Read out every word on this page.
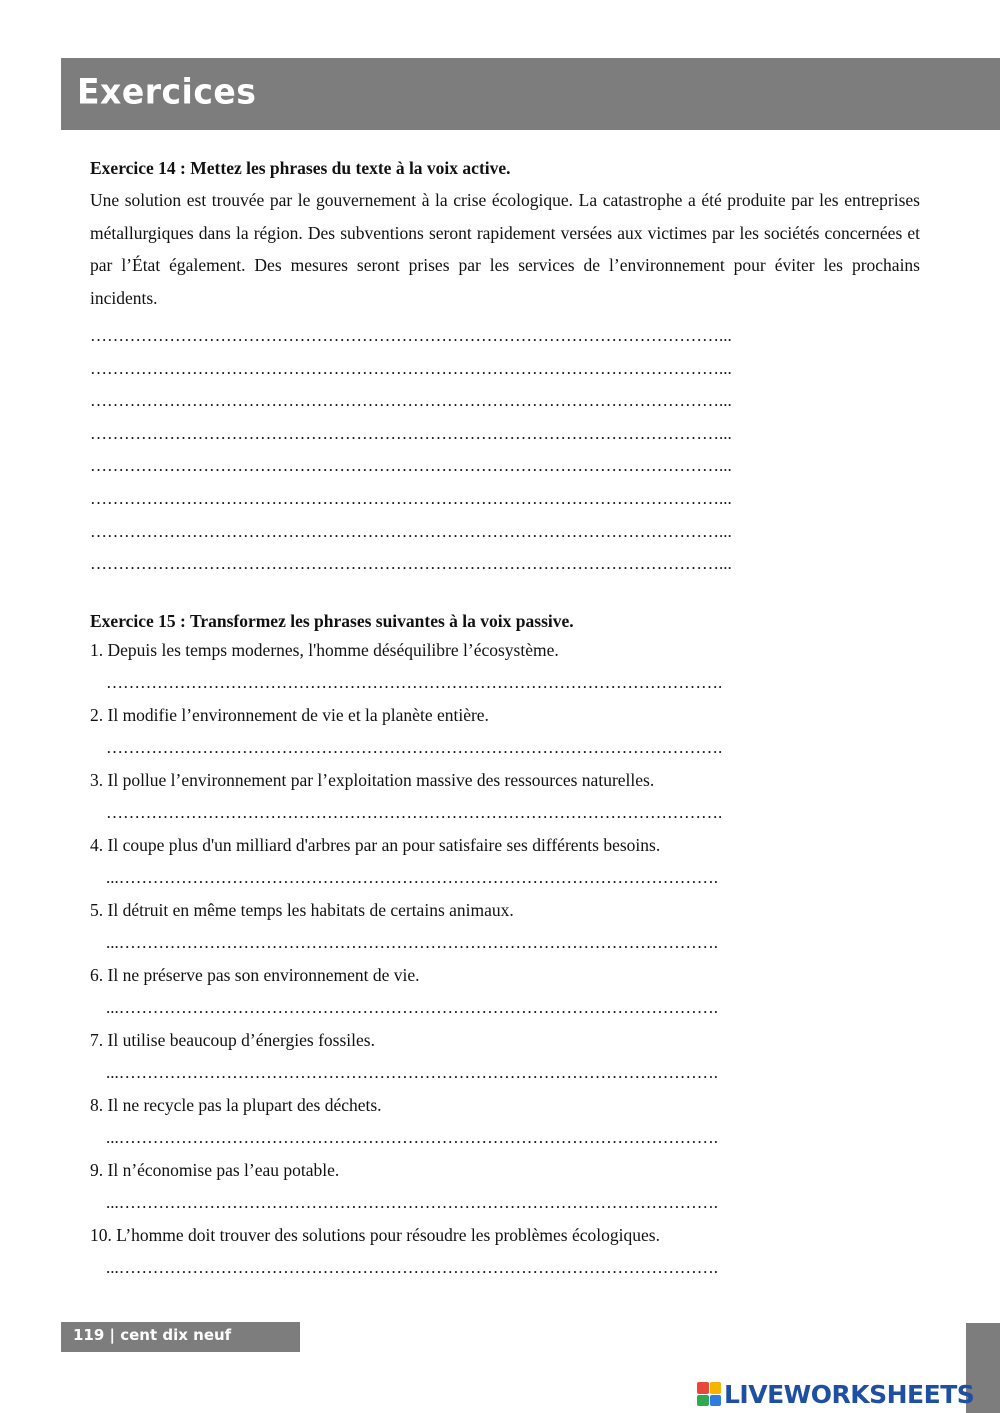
Exercices
Exercice 14 : Mettez les phrases du texte à la voix active.
Une solution est trouvée par le gouvernement à la crise écologique. La catastrophe a été produite par les entreprises métallurgiques dans la région. Des subventions seront rapidement versées aux victimes par les sociétés concernées et par l’État également. Des mesures seront prises par les services de l’environnement pour éviter les prochains incidents.
…………………………………………………………………………………………………...
…………………………………………………………………………………………………...
…………………………………………………………………………………………………...
…………………………………………………………………………………………………...
…………………………………………………………………………………………………...
…………………………………………………………………………………………………...
…………………………………………………………………………………………………...
…………………………………………………………………………………………………...
Exercice 15 : Transformez les phrases suivantes à la voix passive.
1. Depuis les temps modernes, l'homme déséquilibre l’écosystème.
……………………………………………………………………………………………….
2. Il modifie l’environnement de vie et la planète entière.
……………………………………………………………………………………………….
3. Il pollue l’environnement par l’exploitation massive des ressources naturelles.
……………………………………………………………………………………………….
4. Il coupe plus d'un milliard d'arbres par an pour satisfaire ses différents besoins.
...…………………………………………………………………………………………….
5. Il détruit en même temps les habitats de certains animaux.
...…………………………………………………………………………………………….
6. Il ne préserve pas son environnement de vie.
...…………………………………………………………………………………………….
7. Il utilise beaucoup d’énergies fossiles.
...…………………………………………………………………………………………….
8. Il ne recycle pas la plupart des déchets.
...…………………………………………………………………………………………….
9. Il n’économise pas l’eau potable.
...…………………………………………………………………………………………….
10. L’homme doit trouver des solutions pour résoudre les problèmes écologiques.
...…………………………………………………………………………………………….
119 | cent dix neuf
LIVEWORKSHEETS
